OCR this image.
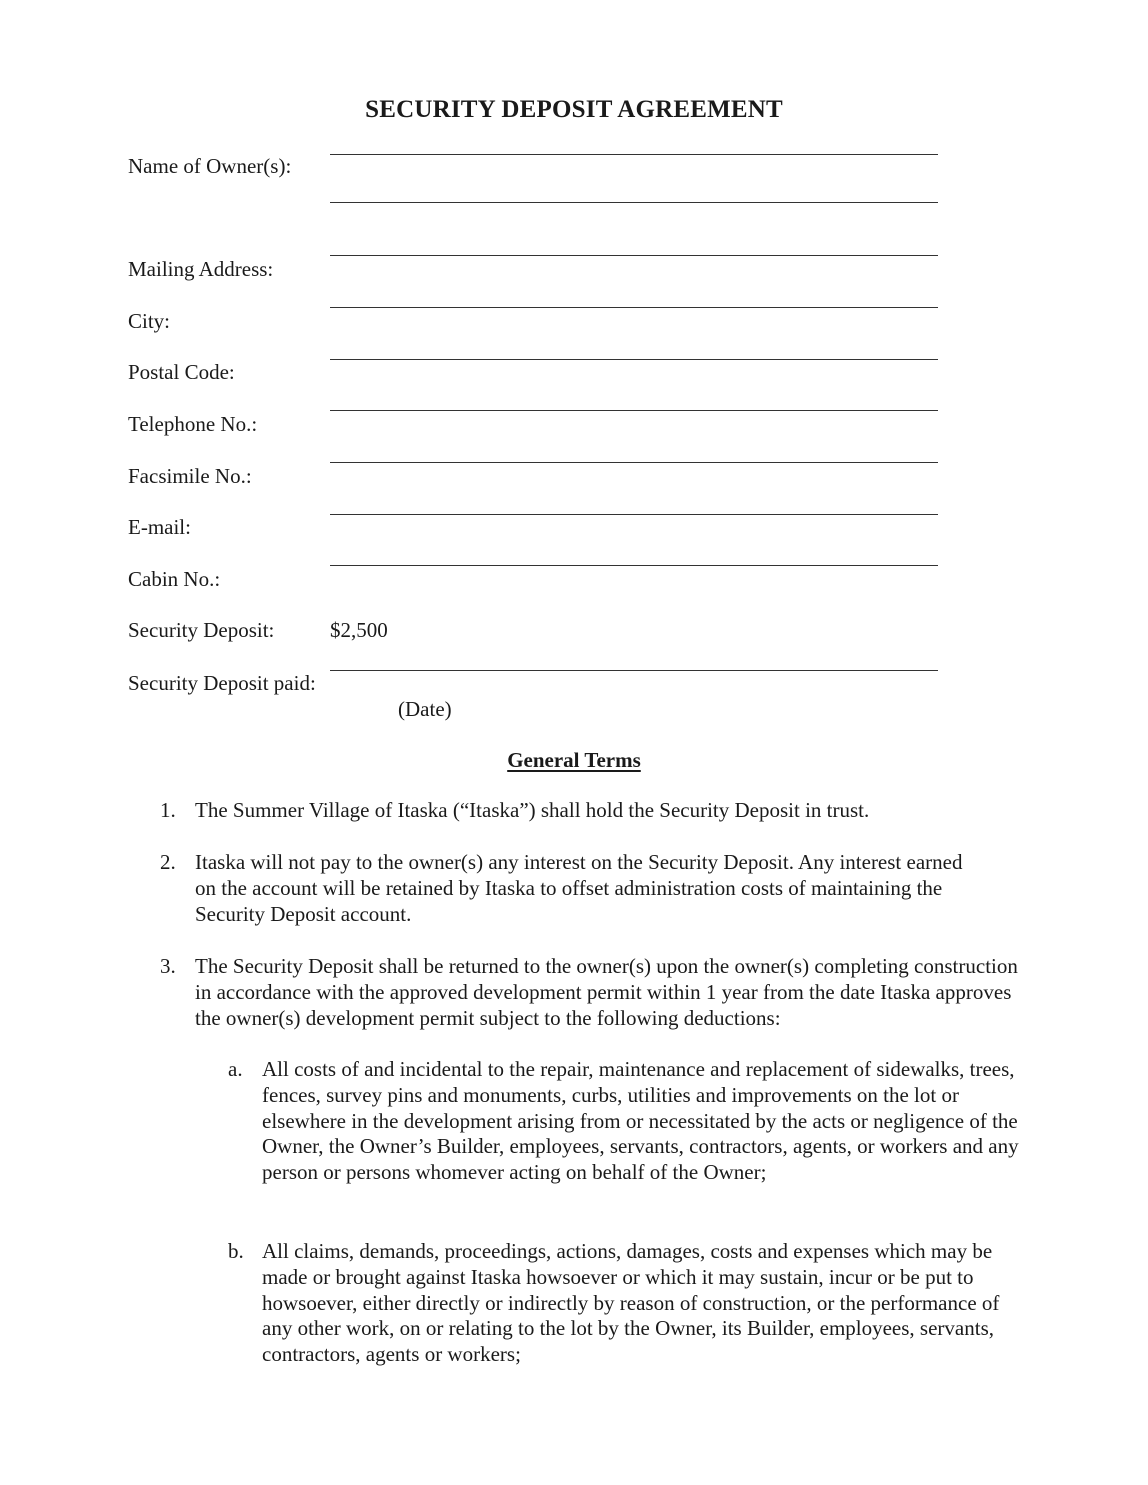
SECURITY DEPOSIT AGREEMENT
Name of Owner(s):
Mailing Address:
City:
Postal Code:
Telephone No.:
Facsimile No.:
E-mail:
Cabin No.:
Security Deposit:	$2,500
Security Deposit paid:
(Date)
General Terms
1. The Summer Village of Itaska (“Itaska”) shall hold the Security Deposit in trust.
2. Itaska will not pay to the owner(s) any interest on the Security Deposit. Any interest earned on the account will be retained by Itaska to offset administration costs of maintaining the Security Deposit account.
3. The Security Deposit shall be returned to the owner(s) upon the owner(s) completing construction in accordance with the approved development permit within 1 year from the date Itaska approves the owner(s) development permit subject to the following deductions:
a. All costs of and incidental to the repair, maintenance and replacement of sidewalks, trees, fences, survey pins and monuments, curbs, utilities and improvements on the lot or elsewhere in the development arising from or necessitated by the acts or negligence of the Owner, the Owner’s Builder, employees, servants, contractors, agents, or workers and any person or persons whomever acting on behalf of the Owner;
b. All claims, demands, proceedings, actions, damages, costs and expenses which may be made or brought against Itaska howsoever or which it may sustain, incur or be put to howsoever, either directly or indirectly by reason of construction, or the performance of any other work, on or relating to the lot by the Owner, its Builder, employees, servants, contractors, agents or workers;
